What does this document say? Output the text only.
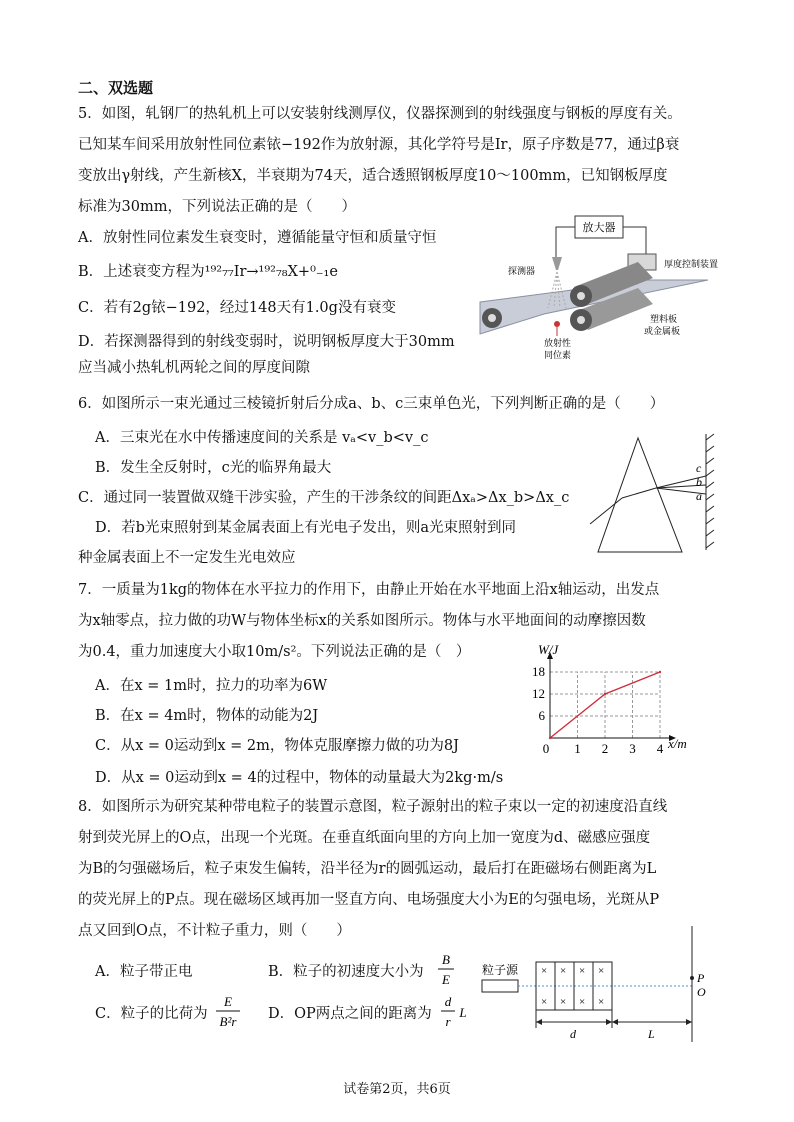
二、双选题
5．如图，轧钢厂的热轧机上可以安装射线测厚仪，仪器探测到的射线强度与钢板的厚度有关。
已知某车间采用放射性同位素铱−192作为放射源，其化学符号是Ir，原子序数是77，通过β衰
变放出γ射线，产生新核X，半衰期为74天，适合透照钢板厚度10～100mm，已知钢板厚度
标准为30mm，下列说法正确的是（　　）
A．放射性同位素发生衰变时，遵循能量守恒和质量守恒
B．上述衰变方程为¹⁹²₇₇Ir→¹⁹²₇₈X+⁰₋₁e
C．若有2g铱−192，经过148天有1.0g没有衰变
D．若探测器得到的射线变弱时，说明钢板厚度大于30mm
应当减小热轧机两轮之间的厚度间隙
放大器
厚度控制装置
探测器
放射性
同位素
塑料板
或金属板
6．如图所示一束光通过三棱镜折射后分成a、b、c三束单色光，下列判断正确的是（　　）
A．三束光在水中传播速度间的关系是 vₐ<v_b<v_c
B．发生全反射时，c光的临界角最大
C．通过同一装置做双缝干涉实验，产生的干涉条纹的间距Δxₐ>Δx_b>Δx_c
D．若b光束照射到某金属表面上有光电子发出，则a光束照射到同
种金属表面上不一定发生光电效应
c
b
a
7．一质量为1kg的物体在水平拉力的作用下，由静止开始在水平地面上沿x轴运动，出发点
为x轴零点，拉力做的功W与物体坐标x的关系如图所示。物体与水平地面间的动摩擦因数
为0.4，重力加速度大小取10m/s²。下列说法正确的是（　）
A．在x = 1m时，拉力的功率为6W
B．在x = 4m时，物体的动能为2J
C．从x = 0运动到x = 2m，物体克服摩擦力做的功为8J
D．从x = 0运动到x = 4的过程中，物体的动量最大为2kg·m/s
0 1 2 3 4
6
12
18
W/J
x/m
8．如图所示为研究某种带电粒子的装置示意图，粒子源射出的粒子束以一定的初速度沿直线
射到荧光屏上的O点，出现一个光斑。在垂直纸面向里的方向上加一宽度为d、磁感应强度
为B的匀强磁场后，粒子束发生偏转，沿半径为r的圆弧运动，最后打在距磁场右侧距离为L
的荧光屏上的P点。现在磁场区域再加一竖直方向、电场强度大小为E的匀强电场，光斑从P
点又回到O点，不计粒子重力，则（　　）
A．粒子带正电	B．粒子的初速度大小为
B
E
C．粒子的比荷为
E
B²r D．OP两点之间的距离为
d
r
L
粒子源 × × × ×
× × × ×
P
O
d	L
试卷第2页，共6页
